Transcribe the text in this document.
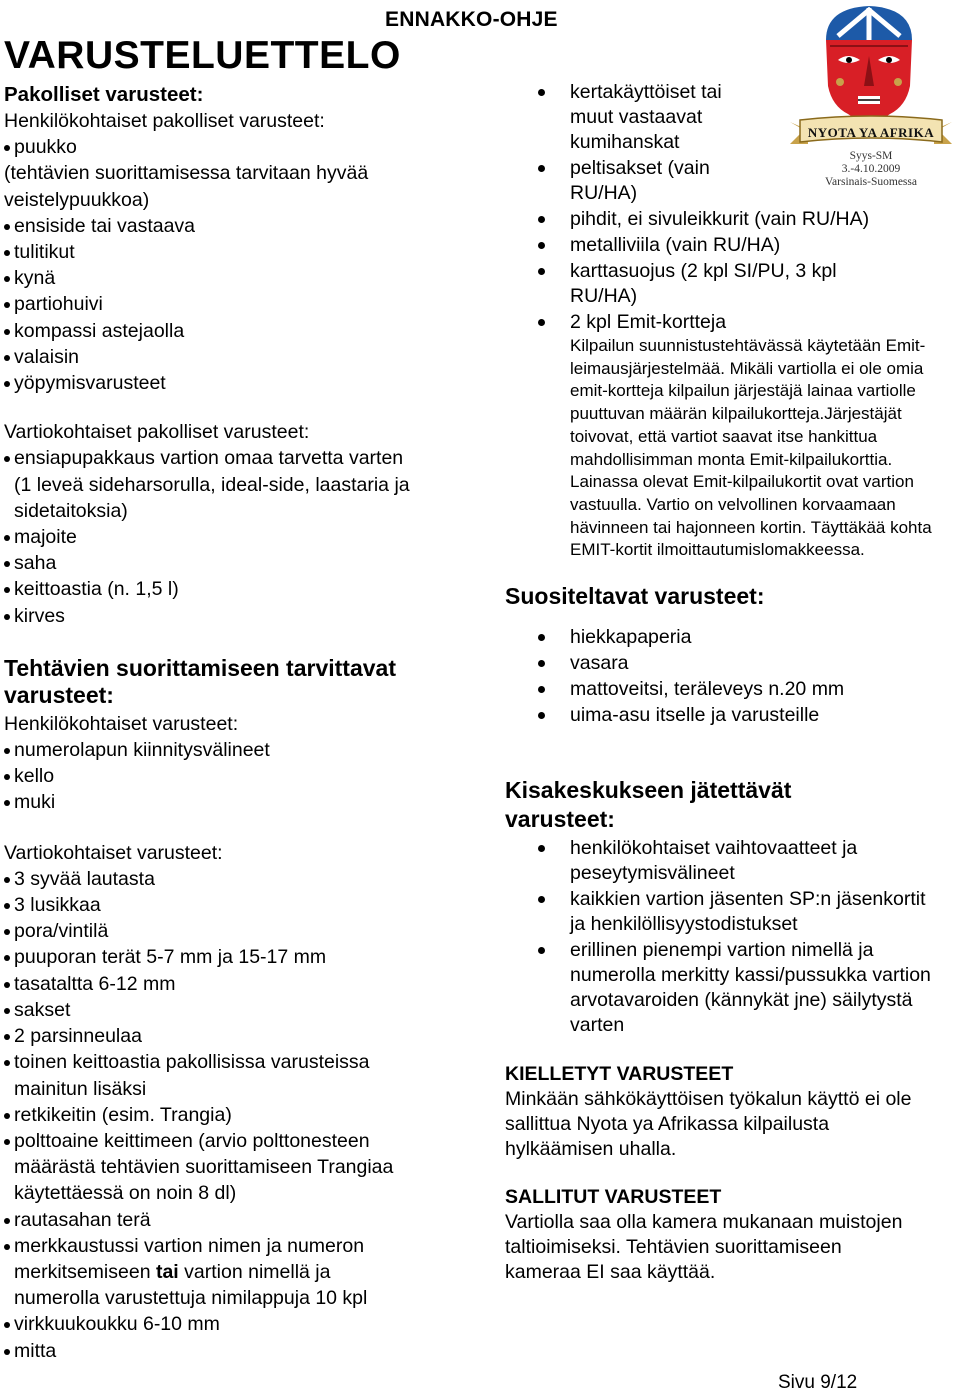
ENNAKKO-OHJE
VARUSTELUETTELO
NYOTA YA AFRIKA
Syys-SM
3.-4.10.2009
Varsinais-Suomessa
Pakolliset varusteet:
Henkilökohtaiset pakolliset varusteet:
puukko
(tehtävien suorittamisessa tarvitaan hyvää veistelypuukkoa)
ensiside tai vastaava
tulitikut
kynä
partiohuivi
kompassi astejaolla
valaisin
yöpymisvarusteet
Vartiokohtaiset pakolliset varusteet:
ensiapupakkaus vartion omaa tarvetta varten (1 leveä sideharsorulla, ideal-side, laastaria ja sidetaitoksia)
majoite
saha
keittoastia (n. 1,5 l)
kirves
Tehtävien suorittamiseen tarvittavat varusteet:
Henkilökohtaiset varusteet:
numerolapun kiinnitysvälineet
kello
muki
Vartiokohtaiset varusteet:
3 syvää lautasta
3 lusikkaa
pora/vintilä
puuporan terät 5-7 mm ja 15-17 mm
tasataltta 6-12 mm
sakset
2 parsinneulaa
toinen keittoastia pakollisissa varusteissa mainitun lisäksi
retkikeitin (esim. Trangia)
polttoaine keittimeen (arvio polttonesteen määrästä tehtävien suorittamiseen Trangiaa käytettäessä on noin 8 dl)
rautasahan terä
merkkaustussi vartion nimen ja numeron merkitsemiseen tai vartion nimellä ja numerolla varustettuja nimilappuja 10 kpl
virkkuukoukku 6-10 mm
mitta
kertakäyttöiset tai muut vastaavat kumihanskat
peltisakset (vain RU/HA)
pihdit, ei sivuleikkurit (vain RU/HA)
metalliviila (vain RU/HA)
karttasuojus (2 kpl SI/PU, 3 kpl RU/HA)
2 kpl Emit-kortteja
Kilpailun suunnistustehtävässä käytetään Emit-leimausjärjestelmää. Mikäli vartiolla ei ole omia emit-kortteja kilpailun järjestäjä lainaa vartiolle puuttuvan määrän kilpailukortteja.Järjestäjät toivovat, että vartiot saavat itse hankittua mahdollisimman monta Emit-kilpailukorttia. Lainassa olevat Emit-kilpailukortit ovat vartion vastuulla. Vartio on velvollinen korvaamaan hävinneen tai hajonneen kortin. Täyttäkää kohta EMIT-kortit ilmoittautumislomakkeessa.
Suositeltavat varusteet:
hiekkapaperia
vasara
mattoveitsi, teräleveys n.20 mm
uima-asu itselle ja varusteille
Kisakeskukseen jätettävät varusteet:
henkilökohtaiset vaihtovaatteet ja peseytymisvälineet
kaikkien vartion jäsenten SP:n jäsenkortit ja henkilöllisyystodistukset
erillinen pienempi vartion nimellä ja numerolla merkitty kassi/pussukka vartion arvotavaroiden (kännykät jne) säilytystä varten
KIELLETYT VARUSTEET
Minkään sähkökäyttöisen työkalun käyttö ei ole sallittua Nyota ya Afrikassa kilpailusta hylkäämisen uhalla.
SALLITUT VARUSTEET
Vartiolla saa olla kamera mukanaan muistojen taltioimiseksi. Tehtävien suorittamiseen kameraa EI saa käyttää.
Sivu 9/12
